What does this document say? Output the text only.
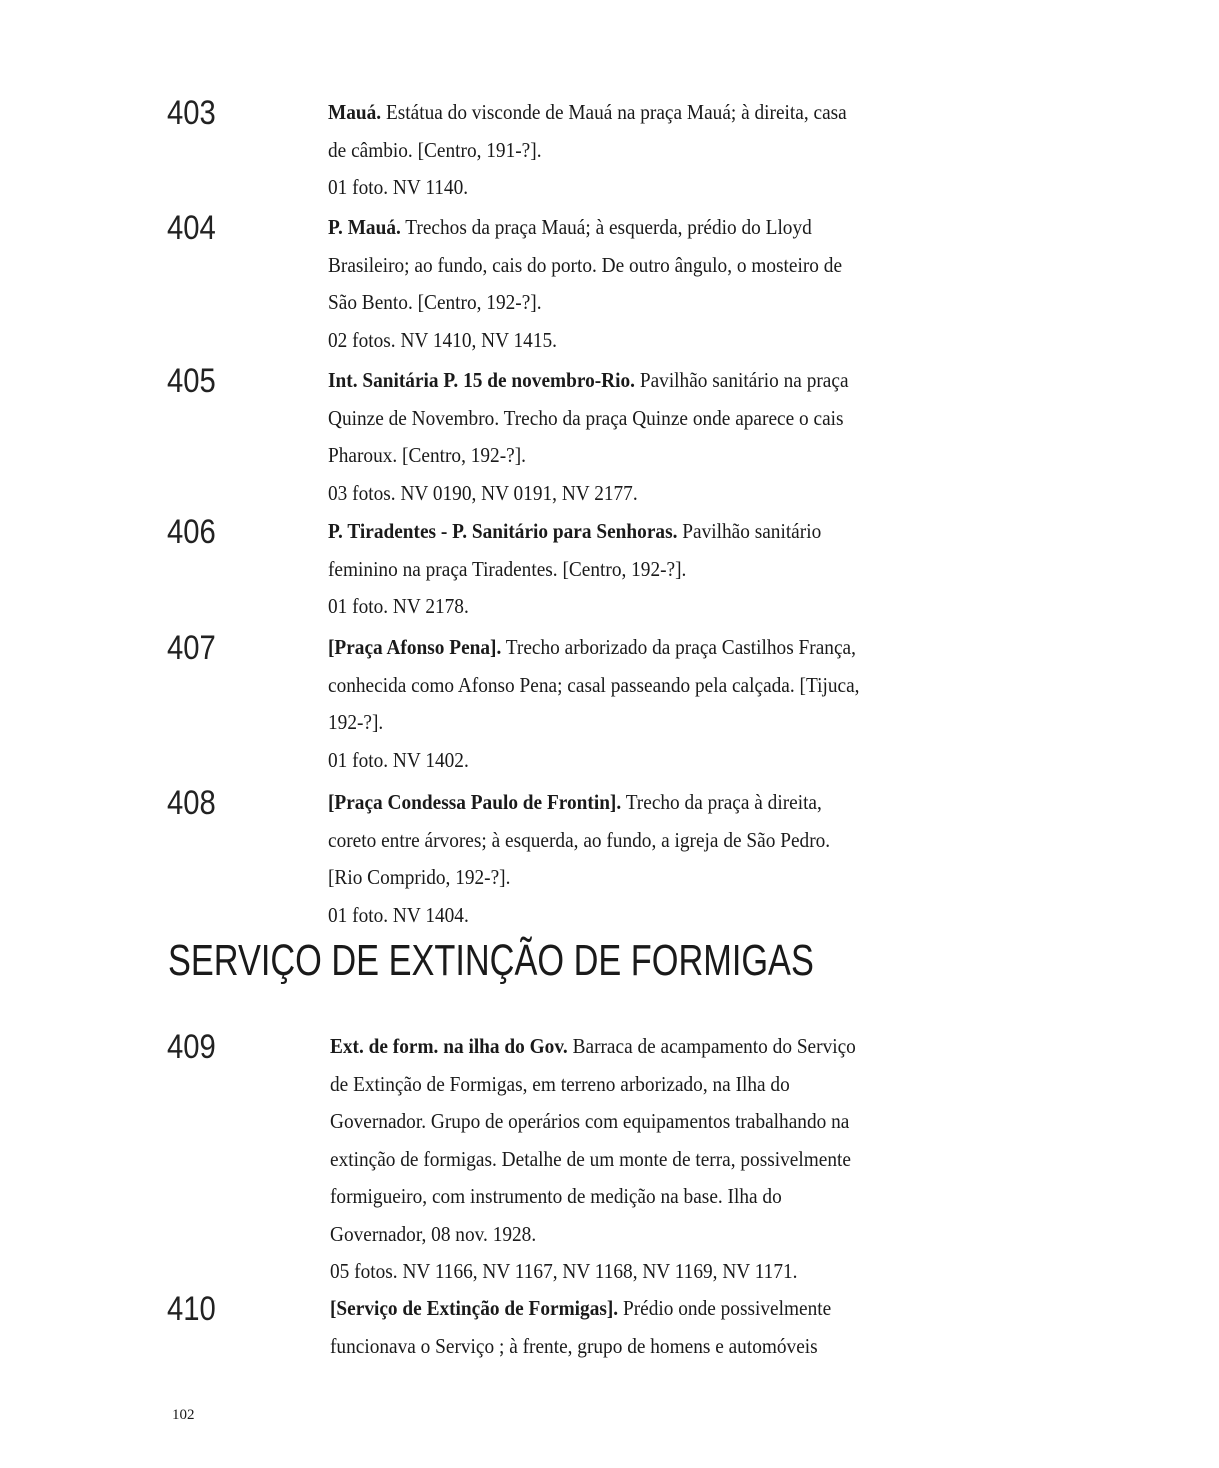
403	Mauá. Estátua do visconde de Mauá na praça Mauá; à direita, casa

de câmbio. [Centro, 191-?].

01 foto. NV 1140.

404	P. Mauá. Trechos da praça Mauá; à esquerda, prédio do Lloyd

Brasileiro; ao fundo, cais do porto. De outro ângulo, o mosteiro de

São Bento. [Centro, 192-?].

02 fotos. NV 1410, NV 1415.

405	Int. Sanitária P. 15 de novembro-Rio. Pavilhão sanitário na praça

Quinze de Novembro. Trecho da praça Quinze onde aparece o cais

Pharoux. [Centro, 192-?].

03 fotos. NV 0190, NV 0191, NV 2177.

406	P. Tiradentes - P. Sanitário para Senhoras. Pavilhão sanitário

feminino na praça Tiradentes. [Centro, 192-?].

01 foto. NV 2178.

407	[Praça Afonso Pena]. Trecho arborizado da praça Castilhos França,

conhecida como Afonso Pena; casal passeando pela calçada. [Tijuca,

192-?].

01 foto. NV 1402.

408	[Praça Condessa Paulo de Frontin]. Trecho da praça à direita,

coreto entre árvores; à esquerda, ao fundo, a igreja de São Pedro.

[Rio Comprido, 192-?].

01 foto. NV 1404.

SERVIÇO DE EXTINÇÃO DE FORMIGAS
409	Ext. de form. na ilha do Gov. Barraca de acampamento do Serviço

de Extinção de Formigas, em terreno arborizado, na Ilha do

Governador. Grupo de operários com equipamentos trabalhando na

extinção de formigas. Detalhe de um monte de terra, possivelmente

formigueiro, com instrumento de medição na base. Ilha do

Governador, 08 nov. 1928.

05 fotos. NV 1166, NV 1167, NV 1168, NV 1169, NV 1171.

410	[Serviço de Extinção de Formigas]. Prédio onde possivelmente

funcionava o Serviço ; à frente, grupo de homens e automóveis

102
